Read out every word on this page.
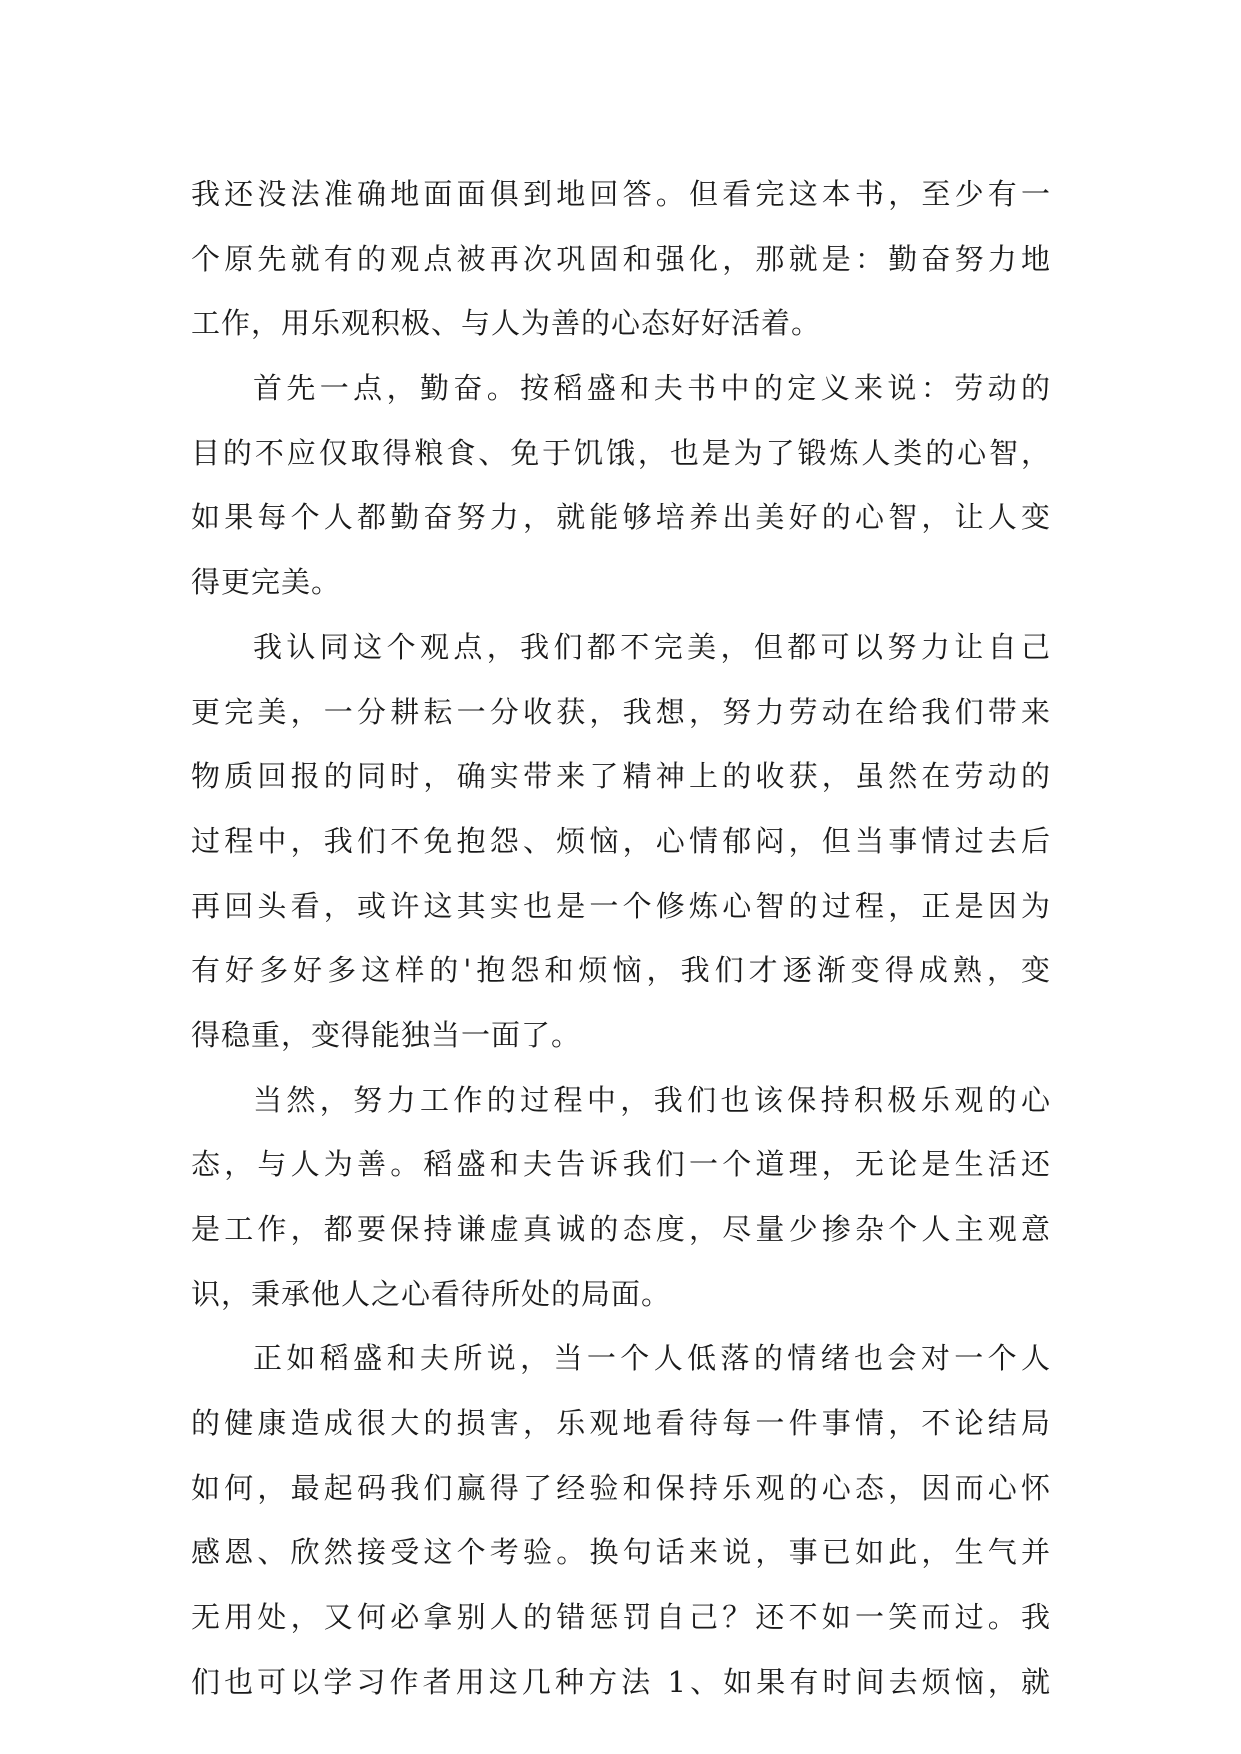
我还没法准确地面面俱到地回答。但看完这本书，至少有一
个原先就有的观点被再次巩固和强化，那就是：勤奋努力地
工作，用乐观积极、与人为善的心态好好活着。
首先一点，勤奋。按稻盛和夫书中的定义来说：劳动的
目的不应仅取得粮食、免于饥饿，也是为了锻炼人类的心智，
如果每个人都勤奋努力，就能够培养出美好的心智，让人变
得更完美。
我认同这个观点，我们都不完美，但都可以努力让自己
更完美，一分耕耘一分收获，我想，努力劳动在给我们带来
物质回报的同时，确实带来了精神上的收获，虽然在劳动的
过程中，我们不免抱怨、烦恼，心情郁闷，但当事情过去后
再回头看，或许这其实也是一个修炼心智的过程，正是因为
有好多好多这样的'抱怨和烦恼，我们才逐渐变得成熟，变
得稳重，变得能独当一面了。
当然，努力工作的过程中，我们也该保持积极乐观的心
态，与人为善。稻盛和夫告诉我们一个道理，无论是生活还
是工作，都要保持谦虚真诚的态度，尽量少掺杂个人主观意
识，秉承他人之心看待所处的局面。
正如稻盛和夫所说，当一个人低落的情绪也会对一个人
的健康造成很大的损害，乐观地看待每一件事情，不论结局
如何，最起码我们赢得了经验和保持乐观的心态，因而心怀
感恩、欣然接受这个考验。换句话来说，事已如此，生气并
无用处，又何必拿别人的错惩罚自己？还不如一笑而过。我
们也可以学习作者用这几种方法 1、如果有时间去烦恼，就
